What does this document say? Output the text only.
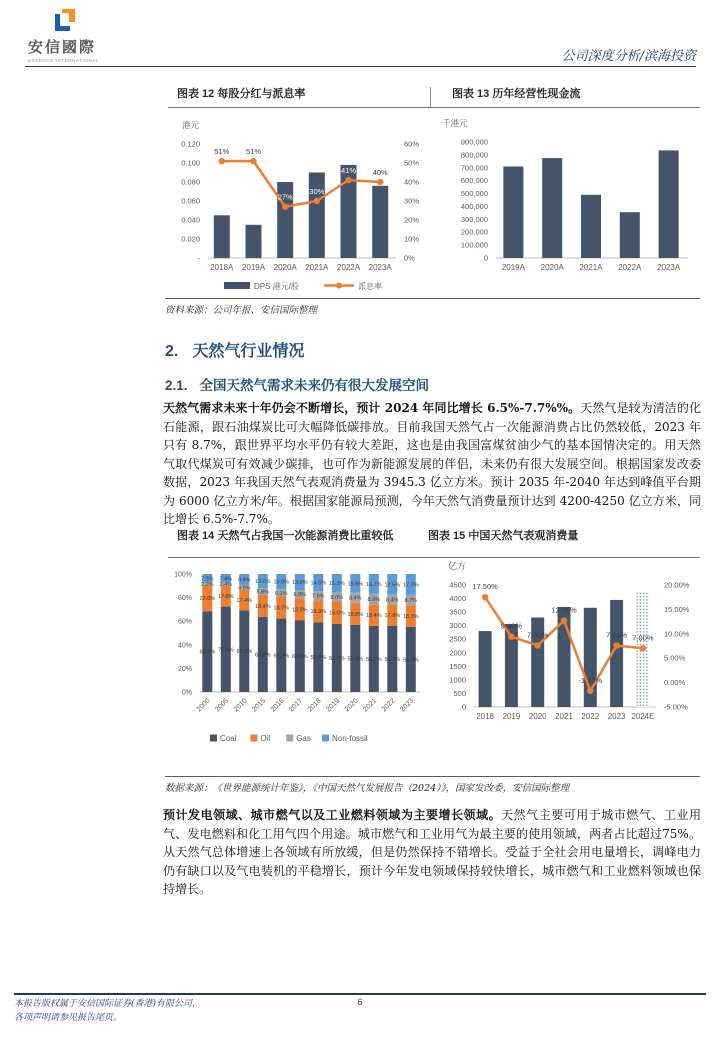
安信國際
ESSENCE INTERNATIONAL	公司深度分析/滨海投资
图表 12 每股分红与派息率	图表 13 历年经营性现金流
港元
0.120
0.100
0.080
0.060
0.040
0.020
-
60%
50%
40%
30%
20%
10%
0%
51% 51%
27%
30%
41% 40%
2018A 2019A 2020A 2021A 2022A 2023A
DPS 港元/股	派息率
千港元
900,000
800,000
700,000
600,000
500,000
400,000
300,000
200,000
100,000
0
2019A 2020A 2021A 2022A 2023A
资料来源：公司年报、安信国际整理
2. 天然气行业情况
2.1. 全国天然气需求未来仍有很大发展空间

天然气需求未来十年仍会不断增长，预计 2024 年同比增长 6.5%-7.7%%。天然气是较为清洁的化石能源，跟石油煤炭比可大幅降低碳排放。目前我国天然气占一次能源消费占比仍然较低，2023 年只有 8.7%，跟世界平均水平仍有较大差距，这也是由我国富煤贫油少气的基本国情决定的。用天然气取代煤炭可有效减少碳排，也可作为新能源发展的伴侣，未来仍有很大发展空间。根据国家发改委数据，2023 年我国天然气表观消费量为 3945.3 亿立方米。预计 2035 年-2040 年达到峰值平台期为 6000 亿立方米/年。根据国家能源局预测，今年天然气消费量预计达到 4200-4250 亿立方米，同比增长 6.5%-7.7%。

图表 14 天然气占我国一次能源消费比重较低	图表 15 中国天然气表观消费量
100%
80%
60%
40%
20%
0%
2000 2005 2010 2015 2016 2017 2018 2019 2020 2021 2022 2023
68.5%
22.0%
2.2%
7.3%
72.4%
17.8%
2.4%
7.4%
69.2%
17.4%
4.0%
9.4%
63.8%
18.4%
5.8%
12.0%
62.2%
18.7%
6.1%
13.0%
60.6%
18.9%
6.9%
13.6%
59.0%
18.9%
7.6%
14.5%
57.7%
19.0%
8.0%
15.3%
56.9%
18.8%
8.4%
15.9%
56.0%
18.4%
8.9%
16.7%
56.2%
17.9%
8.4%
17.5%
55.3%
18.3%
8.7%
17.7%
Coal	Oil	Gas	Non-fossil
亿方
4500
4000
3500
3000
2500
2000
1500
1000
500
0
20.00%
15.00%
10.00%
5.00%
0.00%
-5.00%
2018 2019 2020 2021 2022 2023 2024E
17.50%
9.40%
7.60%
12.70%
-1.70%
7.60% 7.00%
数据来源：《世界能源统计年鉴》，《中国天然气发展报告（2024）》，国家发改委，安信国际整理

预计发电领域、城市燃气以及工业燃料领域为主要增长领域。天然气主要可用于城市燃气、工业用气、发电燃料和化工用气四个用途。城市燃气和工业用气为最主要的使用领域，两者占比超过75%。从天然气总体增速上各领域有所放缓，但是仍然保持不错增长。受益于全社会用电量增长，调峰电力仍有缺口以及气电装机的平稳增长，预计今年发电领域保持较快增长，城市燃气和工业燃料领域也保持增长。

本报告版权属于安信国际证券(香港)有限公司，
各项声明请参见报告尾页。
6
